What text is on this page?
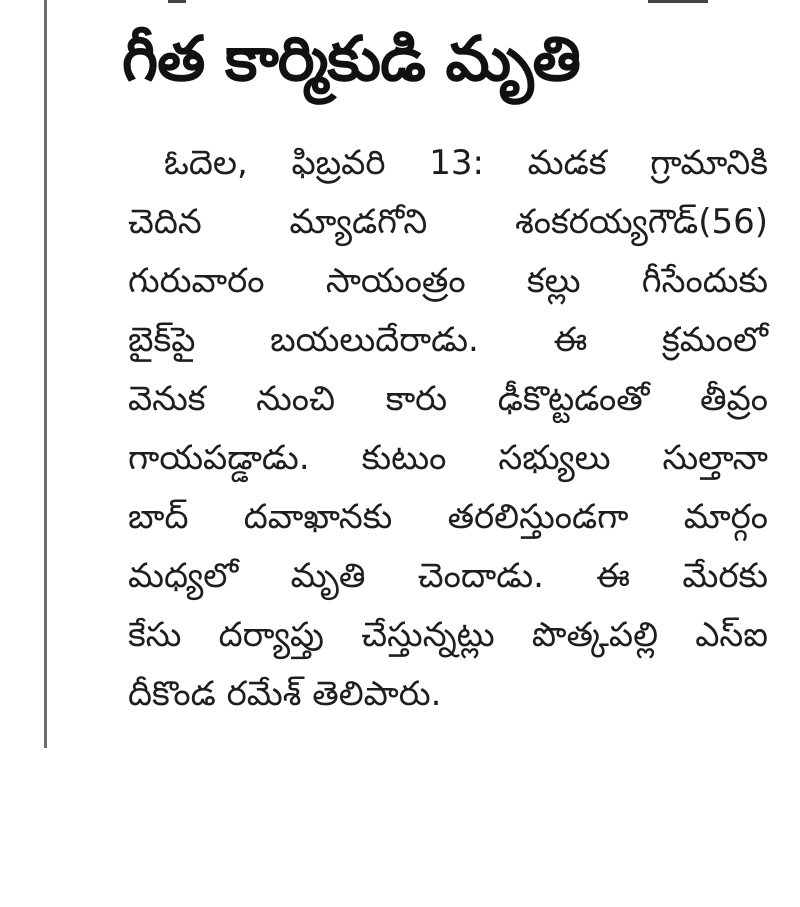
గీత కార్మికుడి మృతి
ఓదెల, ఫిబ్రవరి 13: మడక గ్రామానికి
చెదిన మ్యాడగోని శంకరయ్యగౌడ్(56)
గురువారం సాయంత్రం కల్లు గీసేందుకు
బైక్‌పై బయలుదేరాడు. ఈ క్రమంలో
వెనుక నుంచి కారు ఢీకొట్టడంతో తీవ్రం
గాయపడ్డాడు. కుటుం సభ్యులు సుల్తానా
బాద్ దవాఖానకు తరలిస్తుండగా మార్గం
మధ్యలో మృతి చెందాడు. ఈ మేరకు
కేసు దర్యాప్తు చేస్తున్నట్లు పొత్కపల్లి ఎస్ఐ
దీకొండ రమేశ్ తెలిపారు.
